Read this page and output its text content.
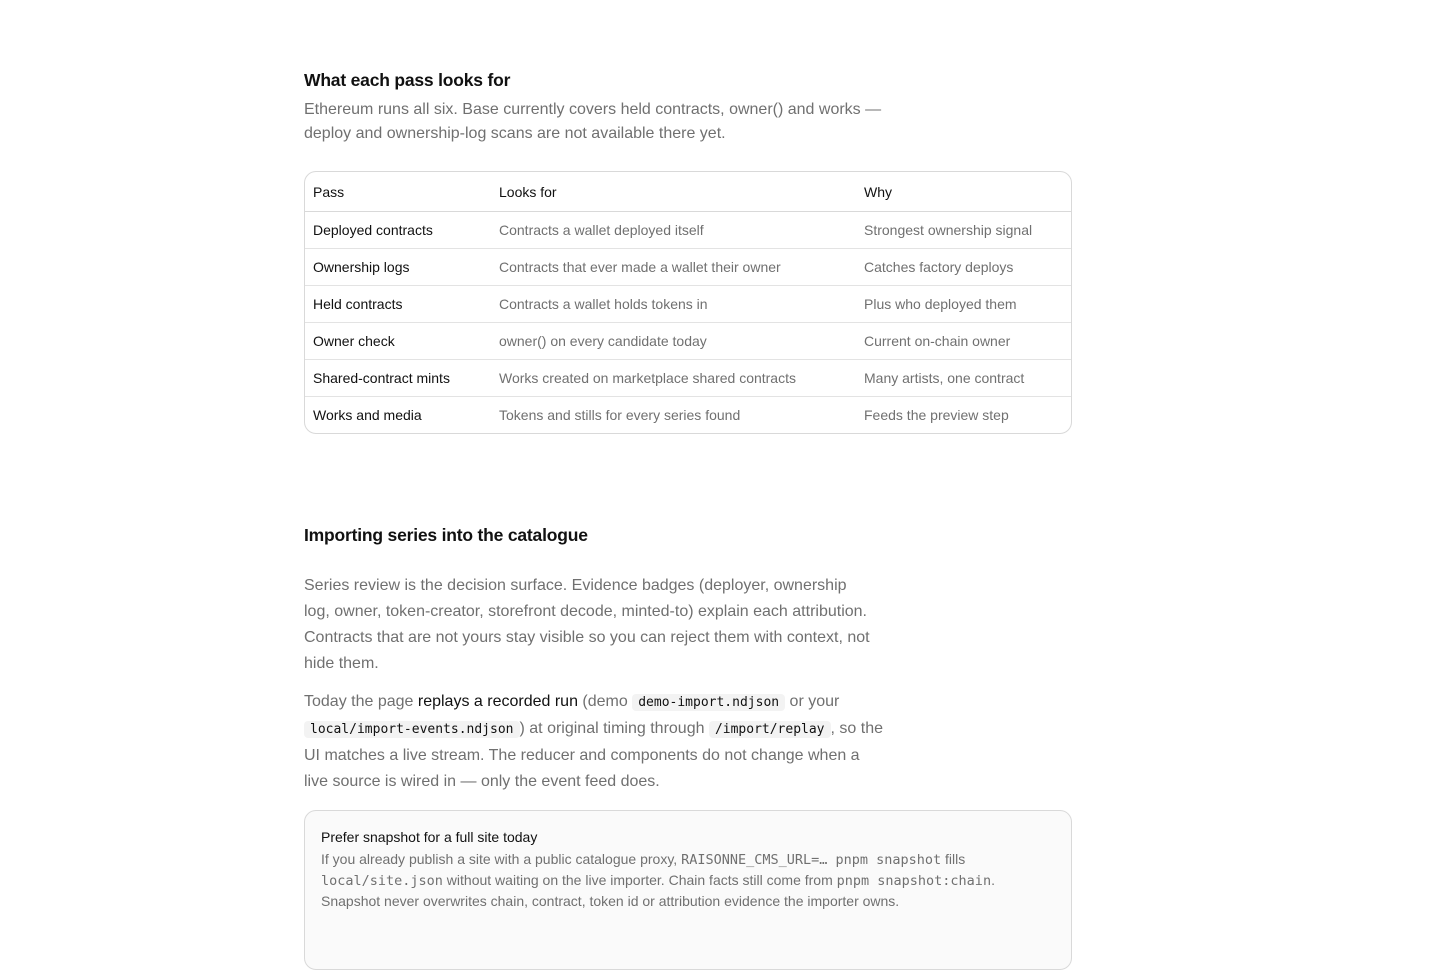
What each pass looks for
Ethereum runs all six. Base currently covers held contracts, owner() and works — deploy and ownership-log scans are not available there yet.
Pass	Looks for	Why
Deployed contracts	Contracts a wallet deployed itself	Strongest ownership signal
Ownership logs	Contracts that ever made a wallet their owner	Catches factory deploys
Held contracts	Contracts a wallet holds tokens in	Plus who deployed them
Owner check	owner() on every candidate today	Current on-chain owner
Shared-contract mints	Works created on marketplace shared contracts	Many artists, one contract
Works and media	Tokens and stills for every series found	Feeds the preview step
Importing series into the catalogue

Series review is the decision surface. Evidence badges (deployer, ownership log, owner, token-creator, storefront decode, minted-to) explain each attribution. Contracts that are not yours stay visible so you can reject them with context, not hide them.

Today the page replays a recorded run (demo demo-import.ndjson or your local/import-events.ndjson ) at original timing through /import/replay , so the UI matches a live stream. The reducer and components do not change when a live source is wired in — only the event feed does.

Prefer snapshot for a full site today
If you already publish a site with a public catalogue proxy, RAISONNE_CMS_URL=… pnpm snapshot fills local/site.json without waiting on the live importer. Chain facts still come from pnpm snapshot:chain. Snapshot never overwrites chain, contract, token id or attribution evidence the importer owns.
